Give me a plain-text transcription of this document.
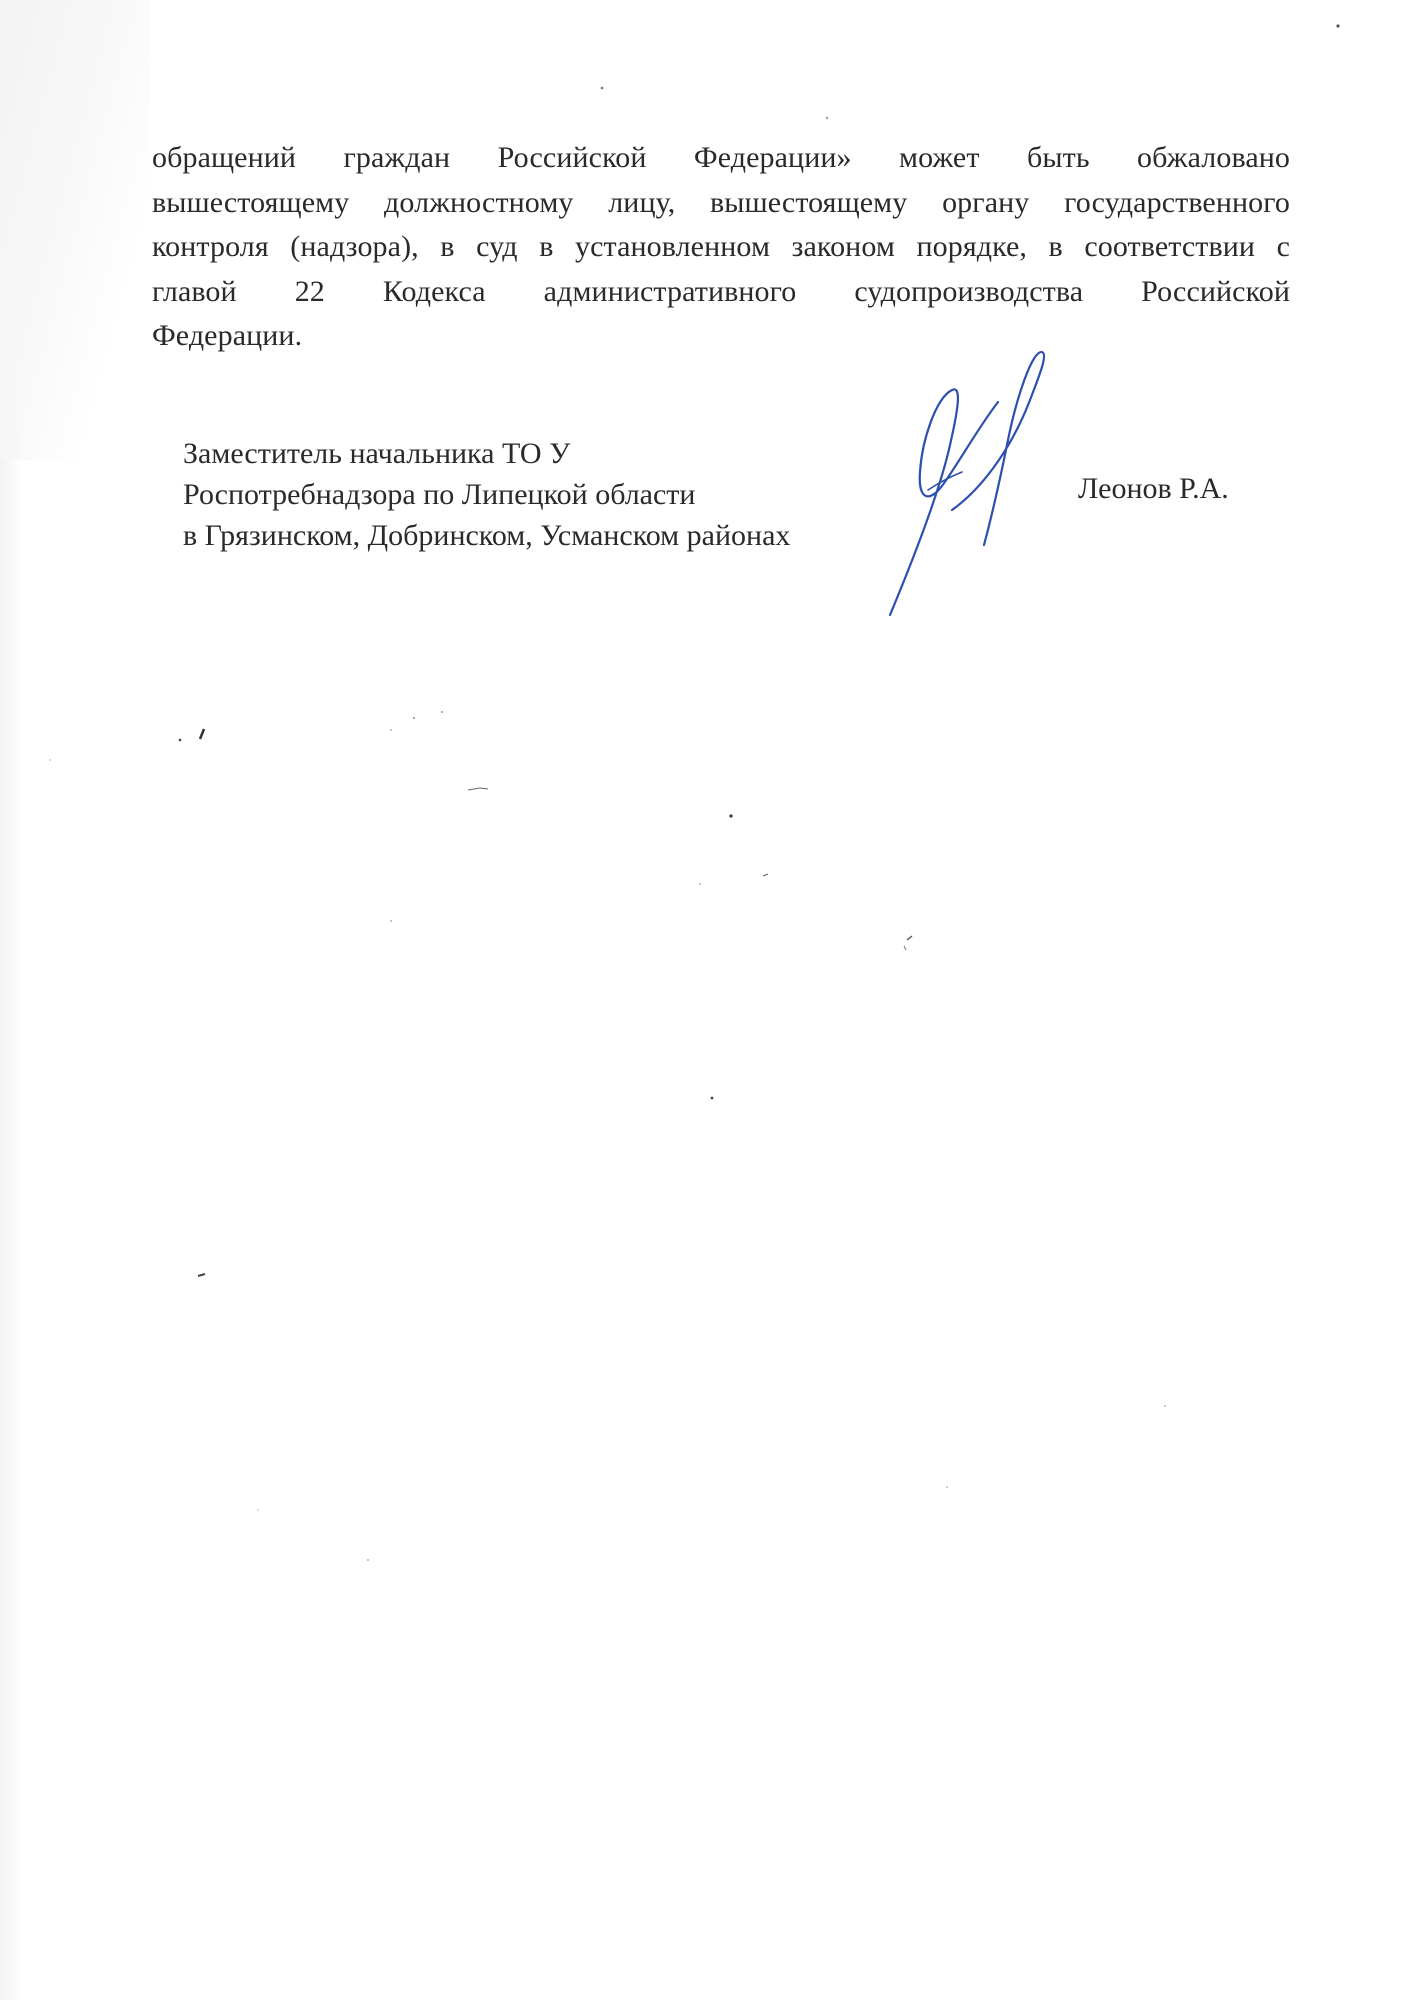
обращений граждан Российской Федерации» может быть обжаловано
вышестоящему должностному лицу, вышестоящему органу государственного
контроля (надзора), в суд в установленном законом порядке, в соответствии с
главой 22 Кодекса административного судопроизводства Российской
Федерации.
Заместитель начальника ТО У
Роспотребнадзора по Липецкой области
в Грязинском, Добринском, Усманском районах
Леонов Р.А.
